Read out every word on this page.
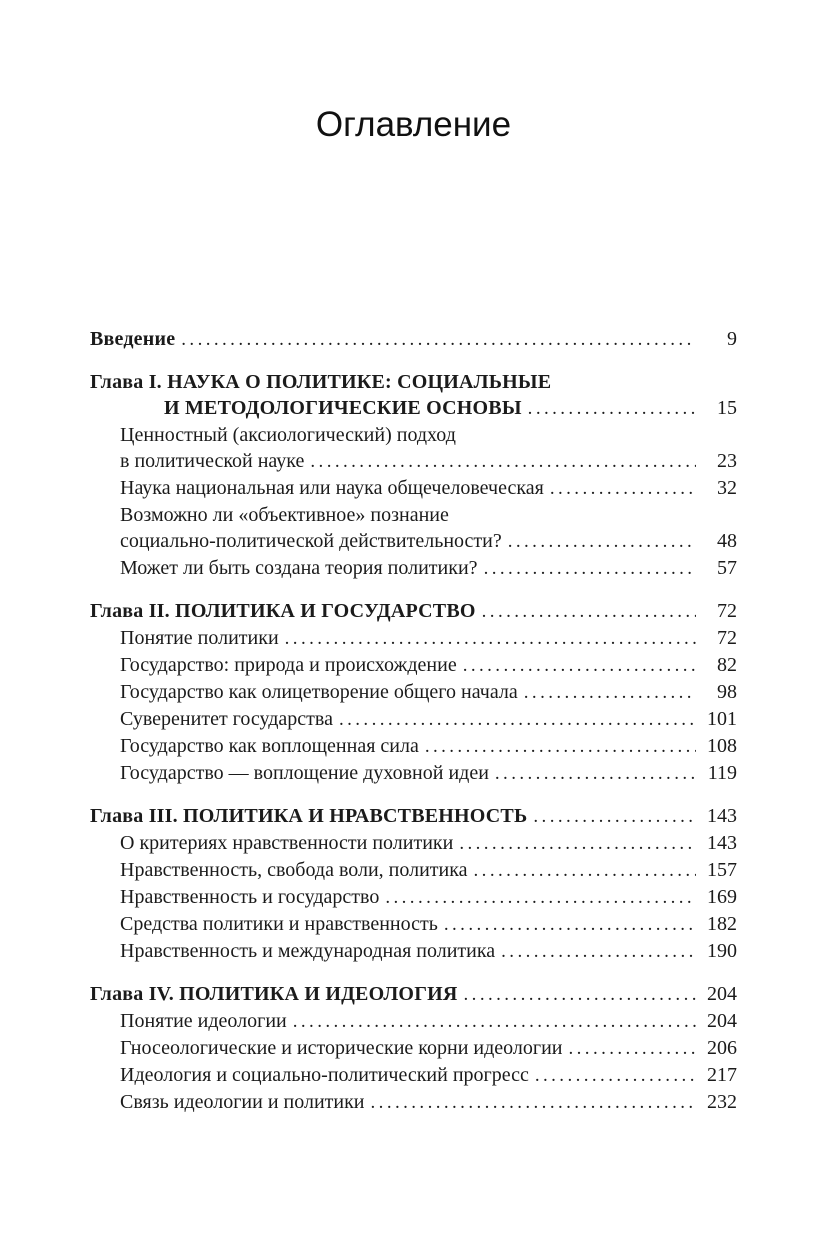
Оглавление
Введение .....	9
Глава I. НАУКА О ПОЛИТИКЕ: СОЦИАЛЬНЫЕ
И МЕТОДОЛОГИЧЕСКИЕ ОСНОВЫ .....	15
Ценностный (аксиологический) подход
в политической науке .....	23
Наука национальная или наука общечеловеческая .....	32
Возможно ли «объективное» познание
социально-политической действительности? .....	48
Может ли быть создана теория политики? .....	57
Глава II. ПОЛИТИКА И ГОСУДАРСТВО .....	72
Понятие политики .....	72
Государство: природа и происхождение .....	82
Государство как олицетворение общего начала .....	98
Суверенитет государства .....	101
Государство как воплощенная сила .....	108
Государство — воплощение духовной идеи .....	119
Глава III. ПОЛИТИКА И НРАВСТВЕННОСТЬ .....	143
О критериях нравственности политики .....	143
Нравственность, свобода воли, политика .....	157
Нравственность и государство .....	169
Средства политики и нравственность .....	182
Нравственность и международная политика .....	190
Глава IV. ПОЛИТИКА И ИДЕОЛОГИЯ .....	204
Понятие идеологии .....	204
Гносеологические и исторические корни идеологии .....	206
Идеология и социально-политический прогресс .....	217
Связь идеологии и политики .....	232
